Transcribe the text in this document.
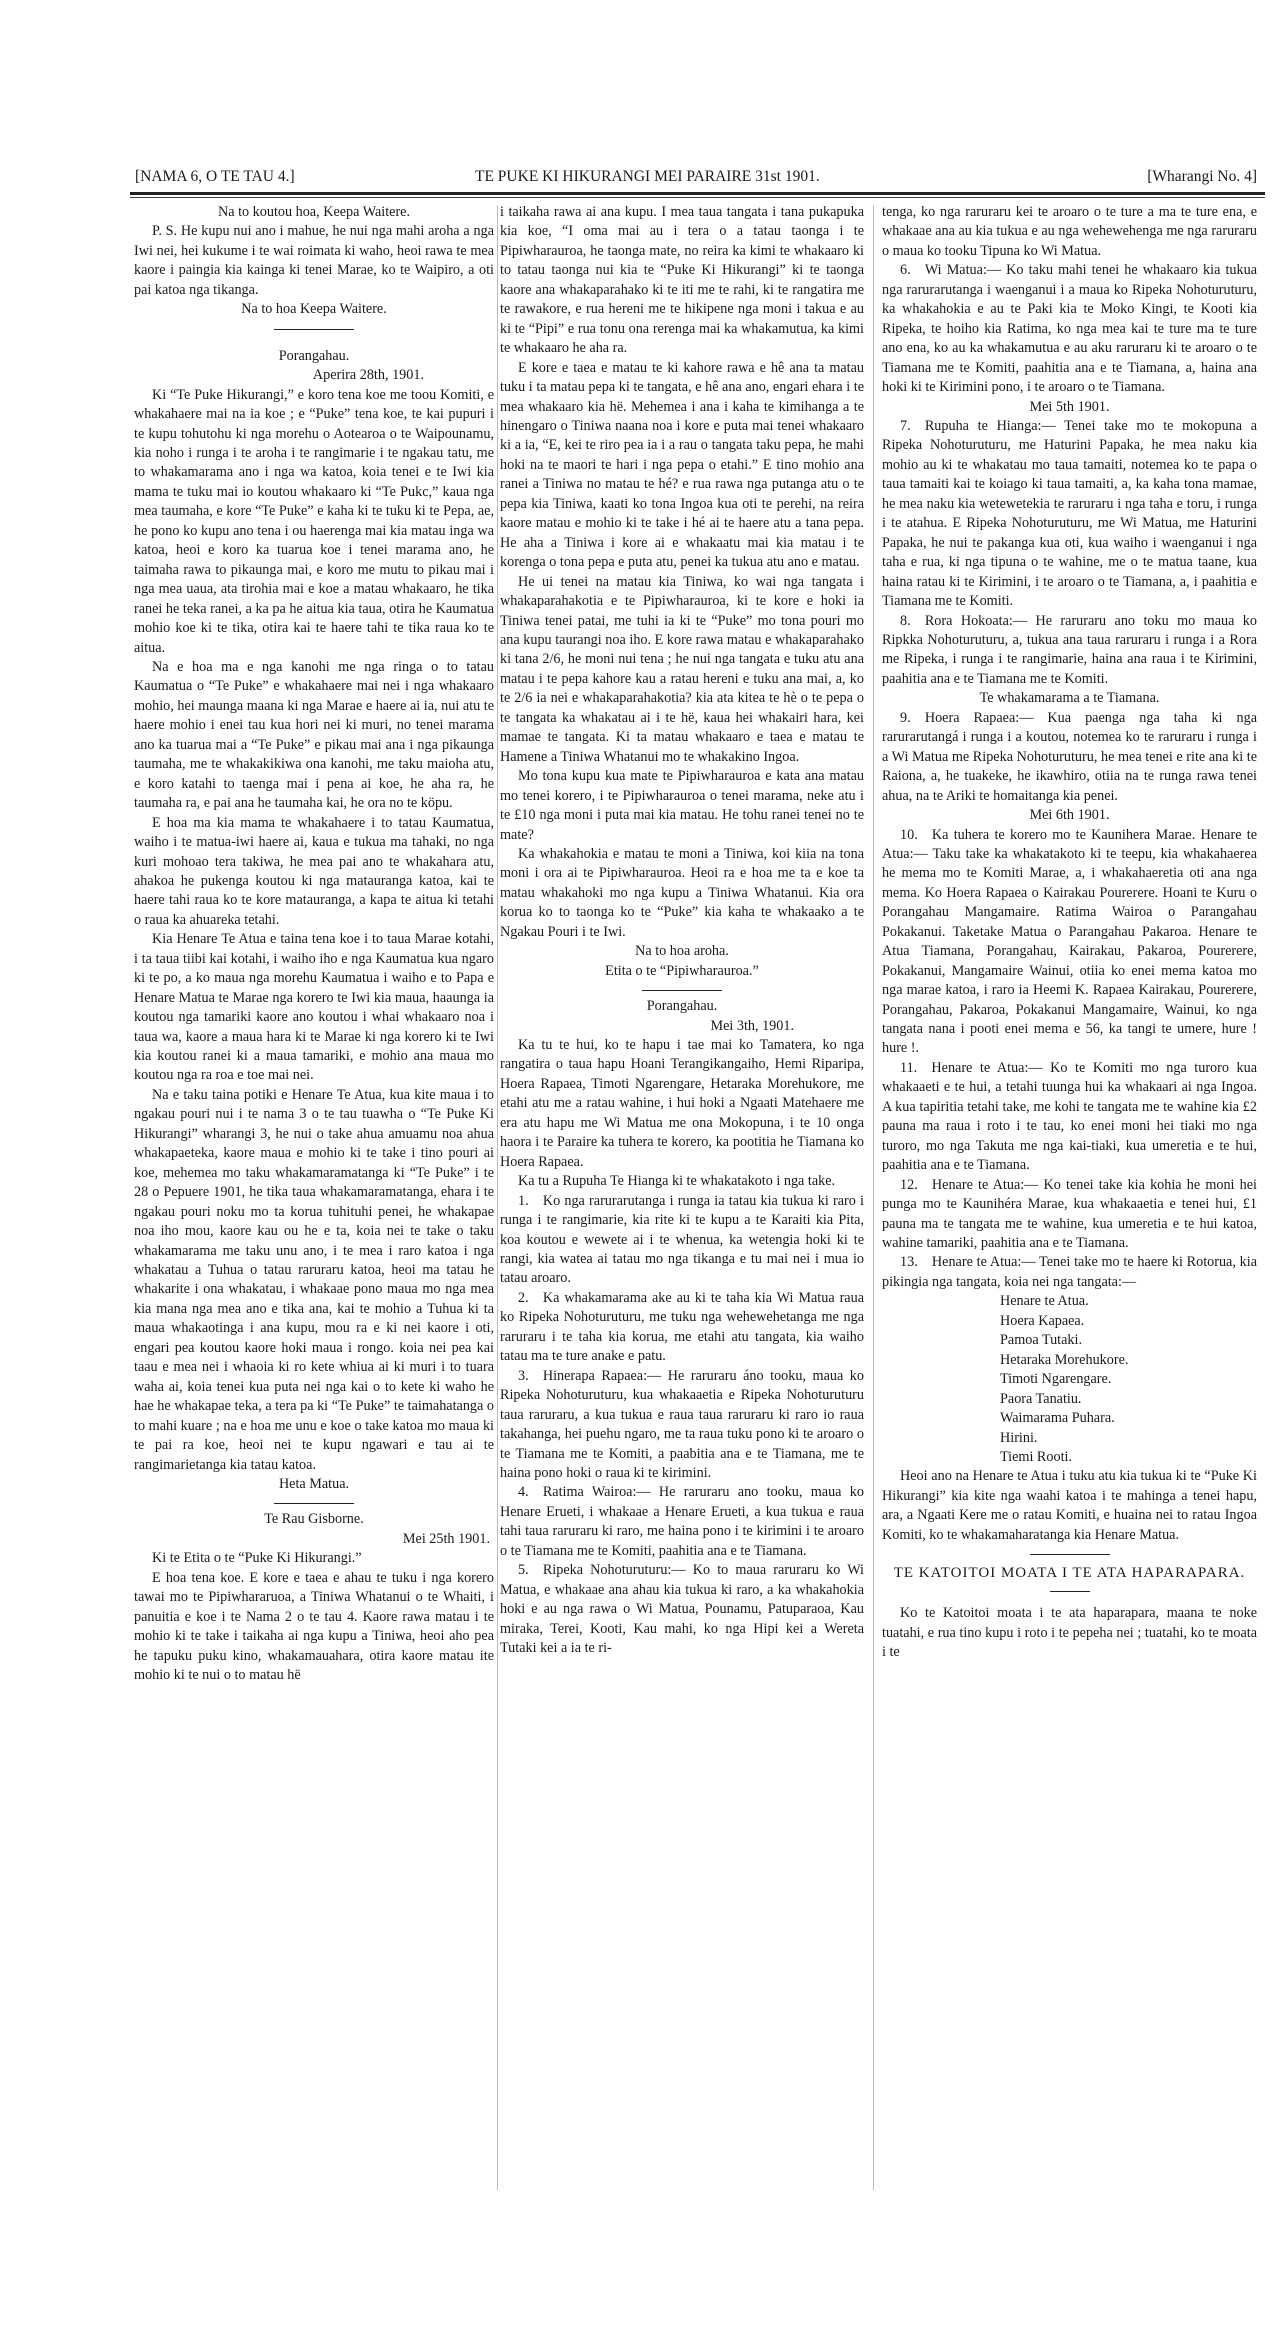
[NAMA 6, O TE TAU 4.]	TE PUKE KI HIKURANGI MEI PARAIRE 31st 1901.	[Wharangi No. 4]

Na to koutou hoa, Keepa Waitere.

P. S. He kupu nui ano i mahue, he nui nga mahi aroha a nga Iwi nei, hei kukume i te wai roimata ki waho, heoi rawa te mea kaore i paingia kia kainga ki tenei Marae, ko te Waipiro, a oti pai katoa nga tikanga.

Na to hoa Keepa Waitere.

Porangahau.

Aperira 28th, 1901.

Ki “Te Puke Hikurangi,” e koro tena koe me toou Komiti, e whakahaere mai na ia koe ; e “Puke” tena koe, te kai pupuri i te kupu tohutohu ki nga morehu o Aotearoa o te Waipounamu, kia noho i runga i te aroha i te rangimarie i te ngakau tatu, me to whakamarama ano i nga wa katoa, koia tenei e te Iwi kia mama te tuku mai io koutou whakaaro ki “Te Pukc,” kaua nga mea taumaha, e kore “Te Puke” e kaha ki te tuku ki te Pepa, ae, he pono ko kupu ano tena i ou haerenga mai kia matau inga wa katoa, heoi e koro ka tuarua koe i tenei marama ano, he taimaha rawa to pikaunga mai, e koro me mutu to pikau mai i nga mea uaua, ata tirohia mai e koe a matau whakaaro, he tika ranei he teka ranei, a ka pa he aitua kia taua, otira he Kaumatua mohio koe ki te tika, otira kai te haere tahi te tika raua ko te aitua.

Na e hoa ma e nga kanohi me nga ringa o to tatau Kaumatua o “Te Puke” e whakahaere mai nei i nga whakaaro mohio, hei maunga maana ki nga Marae e haere ai ia, nui atu te haere mohio i enei tau kua hori nei ki muri, no tenei marama ano ka tuarua mai a “Te Puke” e pikau mai ana i nga pikaunga taumaha, me te whakakikiwa ona kanohi, me taku maioha atu, e koro katahi to taenga mai i pena ai koe, he aha ra, he taumaha ra, e pai ana he taumaha kai, he ora no te köpu.

E hoa ma kia mama te whakahaere i to tatau Kaumatua, waiho i te matua-iwi haere ai, kaua e tukua ma tahaki, no nga kuri mohoao tera takiwa, he mea pai ano te whakahara atu, ahakoa he pukenga koutou ki nga matauranga katoa, kai te haere tahi raua ko te kore matauranga, a kapa te aitua ki tetahi o raua ka ahuareka tetahi.

Kia Henare Te Atua e taina tena koe i to taua Marae kotahi, i ta taua tiibi kai kotahi, i waiho iho e nga Kaumatua kua ngaro ki te po, a ko maua nga morehu Kaumatua i waiho e to Papa e Henare Matua te Marae nga korero te Iwi kia maua, haaunga ia koutou nga tamariki kaore ano koutou i whai whakaaro noa i taua wa, kaore a maua hara ki te Marae ki nga korero ki te Iwi kia koutou ranei ki a maua tamariki, e mohio ana maua mo koutou nga ra roa e toe mai nei.

Na e taku taina potiki e Henare Te Atua, kua kite maua i to ngakau pouri nui i te nama 3 o te tau tuawha o “Te Puke Ki Hikurangi” wharangi 3, he nui o take ahua amuamu noa ahua whakapaeteka, kaore maua e mohio ki te take i tino pouri ai koe, mehemea mo taku whakamaramatanga ki “Te Puke” i te 28 o Pepuere 1901, he tika taua whakamaramatanga, ehara i te ngakau pouri noku mo ta korua tuhituhi penei, he whakapae noa iho mou, kaore kau ou he e ta, koia nei te take o taku whakamarama me taku unu ano, i te mea i raro katoa i nga whakatau a Tuhua o tatau raruraru katoa, heoi ma tatau he whakarite i ona whakatau, i whakaae pono maua mo nga mea kia mana nga mea ano e tika ana, kai te mohio a Tuhua ki ta maua whakaotinga i ana kupu, mou ra e ki nei kaore i oti, engari pea koutou kaore hoki maua i rongo. koia nei pea kai taau e mea nei i whaoia ki ro kete whiua ai ki muri i to tuara waha ai, koia tenei kua puta nei nga kai o to kete ki waho he hae he whakapae teka, a tera pa ki “Te Puke” te taimahatanga o to mahi kuare ; na e hoa me unu e koe o take katoa mo maua ki te pai ra koe, heoi nei te kupu ngawari e tau ai te rangimarietanga kia tatau katoa.

Heta Matua.

Te Rau Gisborne.

Mei 25th 1901.

Ki te Etita o te “Puke Ki Hikurangi.”

E hoa tena koe. E kore e taea e ahau te tuku i nga korero tawai mo te Pipiwhararuoa, a Tiniwa Whatanui o te Whaiti, i panuitia e koe i te Nama 2 o te tau 4. Kaore rawa matau i te mohio ki te take i taikaha ai nga kupu a Tiniwa, heoi aho pea he tapuku puku kino, whakamauahara, otira kaore matau ite mohio ki te nui o to matau hë

i taikaha rawa ai ana kupu. I mea taua tangata i tana pukapuka kia koe, “I oma mai au i tera o a tatau taonga i te Pipiwharauroa, he taonga mate, no reira ka kimi te whakaaro ki to tatau taonga nui kia te “Puke Ki Hikurangi” ki te taonga kaore ana whakaparahako ki te iti me te rahi, ki te rangatira me te rawakore, e rua hereni me te hikipene nga moni i takua e au ki te “Pipi” e rua tonu ona rerenga mai ka whakamutua, ka kimi te whakaaro he aha ra.

E kore e taea e matau te ki kahore rawa e hê ana ta matau tuku i ta matau pepa ki te tangata, e hê ana ano, engari ehara i te mea whakaaro kia hë. Mehemea i ana i kaha te kimihanga a te hinengaro o Tiniwa naana noa i kore e puta mai tenei whakaaro ki a ia, “E, kei te riro pea ia i a rau o tangata taku pepa, he mahi hoki na te maori te hari i nga pepa o etahi.” E tino mohio ana ranei a Tiniwa no matau te hé? e rua rawa nga putanga atu o te pepa kia Tiniwa, kaati ko tona Ingoa kua oti te perehi, na reira kaore matau e mohio ki te take i hé ai te haere atu a tana pepa. He aha a Tiniwa i kore ai e whakaatu mai kia matau i te korenga o tona pepa e puta atu, penei ka tukua atu ano e matau.

He ui tenei na matau kia Tiniwa, ko wai nga tangata i whakaparahakotia e te Pipiwharauroa, ki te kore e hoki ia Tiniwa tenei patai, me tuhi ia ki te “Puke” mo tona pouri mo ana kupu taurangi noa iho. E kore rawa matau e whakaparahako ki tana 2/6, he moni nui tena ; he nui nga tangata e tuku atu ana matau i te pepa kahore kau a ratau hereni e tuku ana mai, a, ko te 2/6 ia nei e whakaparahakotia? kia ata kitea te hè o te pepa o te tangata ka whakatau ai i te hë, kaua hei whakairi hara, kei mamae te tangata. Ki ta matau whakaaro e taea e matau te Hamene a Tiniwa Whatanui mo te whakakino Ingoa.

Mo tona kupu kua mate te Pipiwharauroa e kata ana matau mo tenei korero, i te Pipiwharauroa o tenei marama, neke atu i te £10 nga moni i puta mai kia matau. He tohu ranei tenei no te mate?

Ka whakahokia e matau te moni a Tiniwa, koi kiia na tona moni i ora ai te Pipiwharauroa. Heoi ra e hoa me ta e koe ta matau whakahoki mo nga kupu a Tiniwa Whatanui. Kia ora korua ko to taonga ko te “Puke” kia kaha te whakaako a te Ngakau Pouri i te Iwi.

Na to hoa aroha.

Etita o te “Pipiwharauroa.”

Porangahau.

Mei 3th, 1901.

Ka tu te hui, ko te hapu i tae mai ko Tamatera, ko nga rangatira o taua hapu Hoani Terangikangaiho, Hemi Riparipa, Hoera Rapaea, Timoti Ngarengare, Hetaraka Morehukore, me etahi atu me a ratau wahine, i hui hoki a Ngaati Matehaere me era atu hapu me Wi Matua me ona Mokopuna, i te 10 onga haora i te Paraire ka tuhera te korero, ka pootitia he Tiamana ko Hoera Rapaea.

Ka tu a Rupuha Te Hianga ki te whakatakoto i nga take.

1. Ko nga rarurarutanga i runga ia tatau kia tukua ki raro i runga i te rangimarie, kia rite ki te kupu a te Karaiti kia Pita, koa koutou e wewete ai i te whenua, ka wetengia hoki ki te rangi, kia watea ai tatau mo nga tikanga e tu mai nei i mua io tatau aroaro.

2. Ka whakamarama ake au ki te taha kia Wi Matua raua ko Ripeka Nohoturuturu, me tuku nga wehewehetanga me nga raruraru i te taha kia korua, me etahi atu tangata, kia waiho tatau ma te ture anake e patu.

3. Hinerapa Rapaea:— He raruraru áno tooku, maua ko Ripeka Nohoturuturu, kua whakaaetia e Ripeka Nohoturuturu taua raruraru, a kua tukua e raua taua raruraru ki raro io raua takahanga, hei puehu ngaro, me ta raua tuku pono ki te aroaro o te Tiamana me te Komiti, a paabitia ana e te Tiamana, me te haina pono hoki o raua ki te kirimini.

4. Ratima Wairoa:— He raruraru ano tooku, maua ko Henare Erueti, i whakaae a Henare Erueti, a kua tukua e raua tahi taua raruraru ki raro, me haina pono i te kirimini i te aroaro o te Tiamana me te Komiti, paahitia ana e te Tiamana.

5. Ripeka Nohoturuturu:— Ko to maua raruraru ko Wi Matua, e whakaae ana ahau kia tukua ki raro, a ka whakahokia hoki e au nga rawa o Wi Matua, Pounamu, Patuparaoa, Kau miraka, Terei, Kooti, Kau mahi, ko nga Hipi kei a Wereta Tutaki kei a ia te ri-

tenga, ko nga raruraru kei te aroaro o te ture a ma te ture ena, e whakaae ana au kia tukua e au nga wehewehenga me nga raruraru o maua ko tooku Tipuna ko Wi Matua.

6. Wi Matua:— Ko taku mahi tenei he whakaaro kia tukua nga rarurarutanga i waenganui i a maua ko Ripeka Nohoturuturu, ka whakahokia e au te Paki kia te Moko Kingi, te Kooti kia Ripeka, te hoiho kia Ratima, ko nga mea kai te ture ma te ture ano ena, ko au ka whakamutua e au aku raruraru ki te aroaro o te Tiamana me te Komiti, paahitia ana e te Tiamana, a, haina ana hoki ki te Kirimini pono, i te aroaro o te Tiamana.

Mei 5th 1901.

7. Rupuha te Hianga:— Tenei take mo te mokopuna a Ripeka Nohoturuturu, me Haturini Papaka, he mea naku kia mohio au ki te whakatau mo taua tamaiti, notemea ko te papa o taua tamaiti kai te koiago ki taua tamaiti, a, ka kaha tona mamae, he mea naku kia wetewetekia te raruraru i nga taha e toru, i runga i te atahua. E Ripeka Nohoturuturu, me Wi Matua, me Haturini Papaka, he nui te pakanga kua oti, kua waiho i waenganui i nga taha e rua, ki nga tipuna o te wahine, me o te matua taane, kua haina ratau ki te Kirimini, i te aroaro o te Tiamana, a, i paahitia e Tiamana me te Komiti.

8. Rora Hokoata:— He raruraru ano toku mo maua ko Ripkka Nohoturuturu, a, tukua ana taua raruraru i runga i a Rora me Ripeka, i runga i te rangimarie, haina ana raua i te Kirimini, paahitia ana e te Tiamana me te Komiti.

Te whakamarama a te Tiamana.

9. Hoera Rapaea:— Kua paenga nga taha ki nga rarurarutangá i runga i a koutou, notemea ko te raruraru i runga i a Wi Matua me Ripeka Nohoturuturu, he mea tenei e rite ana ki te Raiona, a, he tuakeke, he ikawhiro, otiia na te runga rawa tenei ahua, na te Ariki te homaitanga kia penei.

Mei 6th 1901.

10. Ka tuhera te korero mo te Kaunihera Marae. Henare te Atua:— Taku take ka whakatakoto ki te teepu, kia whakahaerea he mema mo te Komiti Marae, a, i whakahaeretia oti ana nga mema. Ko Hoera Rapaea o Kairakau Pourerere. Hoani te Kuru o Porangahau Mangamaire. Ratima Wairoa o Parangahau Pokakanui. Taketake Matua o Parangahau Pakaroa. Henare te Atua Tiamana, Porangahau, Kairakau, Pakaroa, Pourerere, Pokakanui, Mangamaire Wainui, otiia ko enei mema katoa mo nga marae katoa, i raro ia Heemi K. Rapaea Kairakau, Pourerere, Porangahau, Pakaroa, Pokakanui Mangamaire, Wainui, ko nga tangata nana i pooti enei mema e 56, ka tangi te umere, hure ! hure !.

11. Henare te Atua:— Ko te Komiti mo nga turoro kua whakaaeti e te hui, a tetahi tuunga hui ka whakaari ai nga Ingoa. A kua tapiritia tetahi take, me kohi te tangata me te wahine kia £2 pauna ma raua i roto i te tau, ko enei moni hei tiaki mo nga turoro, mo nga Takuta me nga kai-tiaki, kua umeretia e te hui, paahitia ana e te Tiamana.

12. Henare te Atua:— Ko tenei take kia kohia he moni hei punga mo te Kaunihéra Marae, kua whakaaetia e tenei hui, £1 pauna ma te tangata me te wahine, kua umeretia e te hui katoa, wahine tamariki, paahitia ana e te Tiamana.

13. Henare te Atua:— Tenei take mo te haere ki Rotorua, kia pikingia nga tangata, koia nei nga tangata:—

Henare te Atua.
Hoera Kapaea.
Pamoa Tutaki.
Hetaraka Morehukore.
Timoti Ngarengare.
Paora Tanatiu.
Waimarama Puhara.
Hirini.
Tiemi Rooti.

Heoi ano na Henare te Atua i tuku atu kia tukua ki te “Puke Ki Hikurangi” kia kite nga waahi katoa i te mahinga a tenei hapu, ara, a Ngaati Kere me o ratau Komiti, e huaina nei to ratau Ingoa Komiti, ko te whakamaharatanga kia Henare Matua.

TE KATOITOI MOATA I TE ATA HAPARAPARA.

Ko te Katoitoi moata i te ata haparapara, maana te noke tuatahi, e rua tino kupu i roto i te pepeha nei ; tuatahi, ko te moata i te
